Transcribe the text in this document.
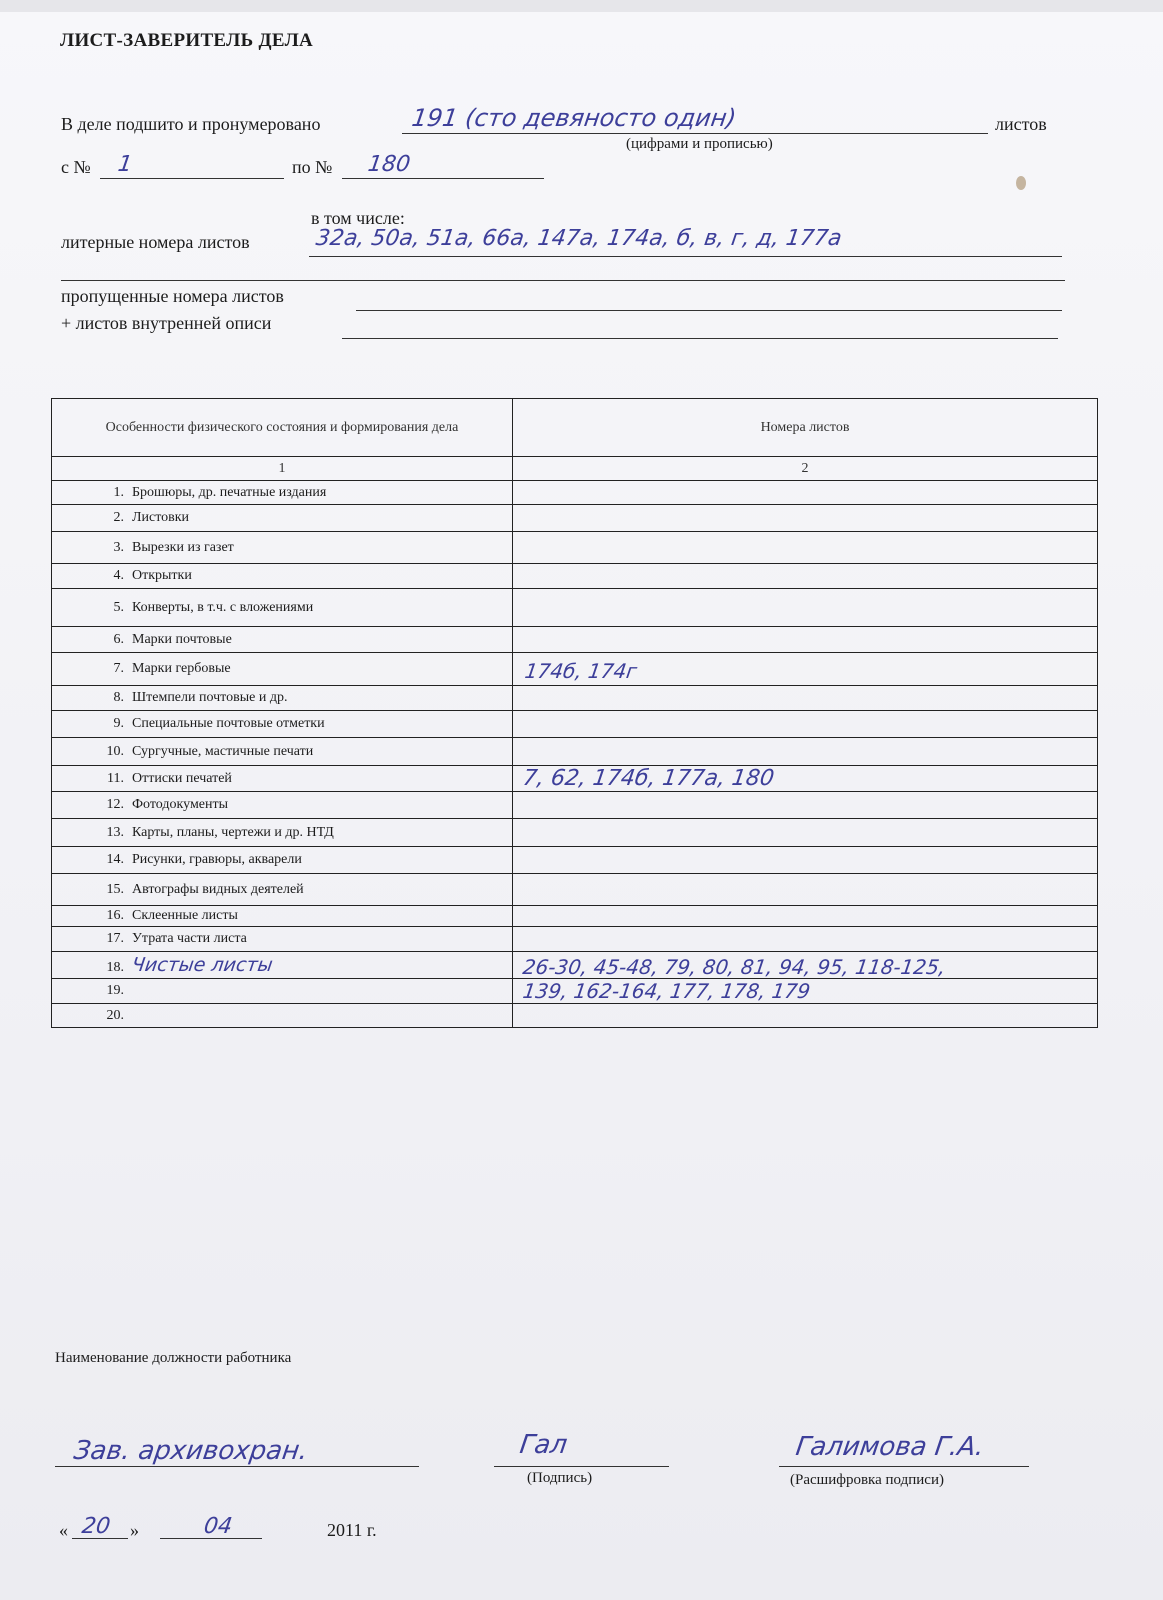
ЛИСТ-ЗАВЕРИТЕЛЬ ДЕЛА
В деле подшито и пронумеровано	191 (сто девяносто один)	листов
(цифрами и прописью)
с № 1	по № 180
в том числе:
литерные номера листов	32а, 50а, 51а, 66а, 147а, 174а, б, в, г, д, 177а
пропущенные номера листов
+ листов внутренней описи
Особенности физического состояния и формирования дела	Номера листов
1	2
1. Брошюры, др. печатные издания	
2. Листовки	
3. Вырезки из газет	
4. Открытки	
5. Конверты, в т.ч. с вложениями	
6. Марки почтовые	
7. Марки гербовые	174б, 174г
8. Штемпели почтовые и др.	
9. Специальные почтовые отметки	
10. Сургучные, мастичные печати	
11. Оттиски печатей	7, 62, 174б, 177а, 180
12. Фотодокументы	
13. Карты, планы, чертежи и др. НТД	
14. Рисунки, гравюры, акварели	
15. Автографы видных деятелей	
16. Склеенные листы	
17. Утрата части листа	
18. Чистые листы	26-30, 45-48, 79, 80, 81, 94, 95, 118-125,
19.	139, 162-164, 177, 178, 179
20.	
Наименование должности работника
Зав. архивохран.	Гал
(Подпись)
Галимова Г.А.
(Расшифровка подписи)
« 20 »	04	2011 г.
